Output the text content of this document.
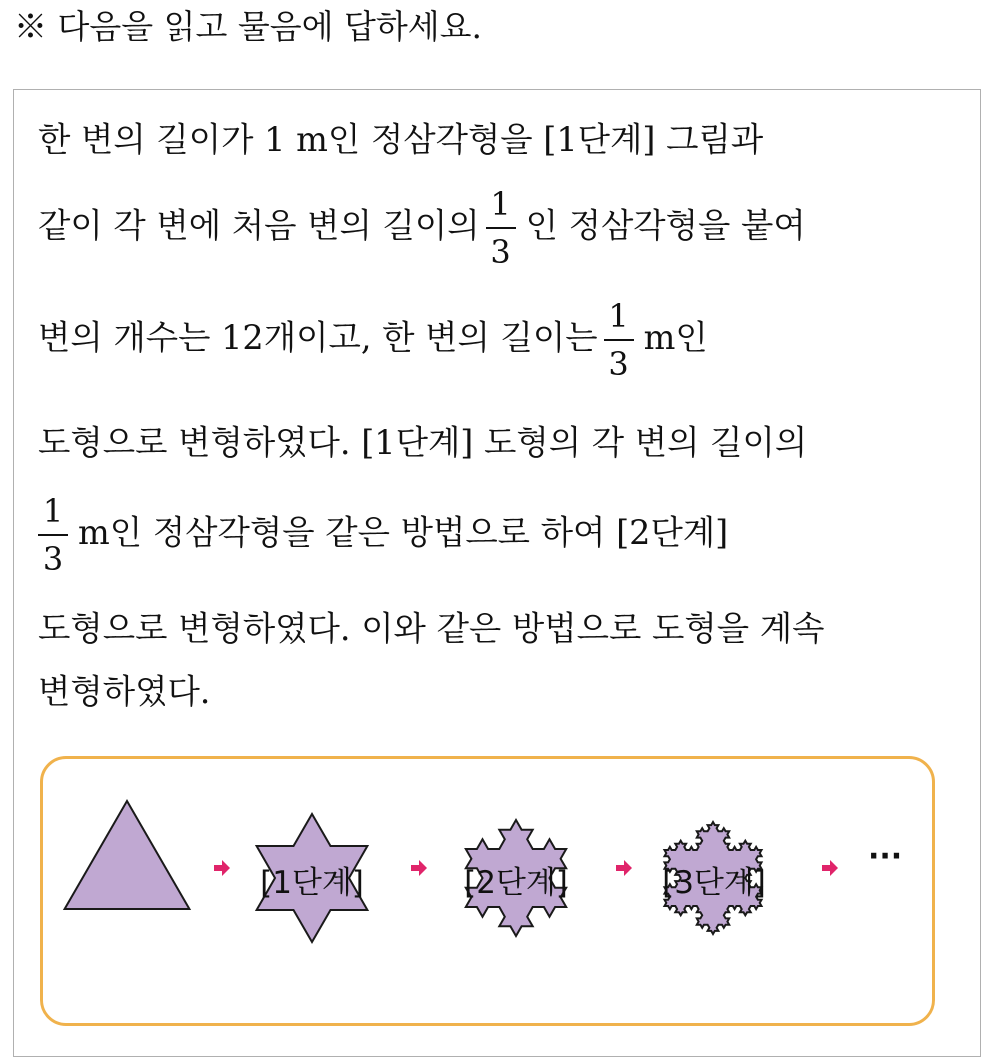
※ 다음을 읽고 물음에 답하세요.
한 변의 길이가 1 m인 정삼각형을 [1단계] 그림과
같이 각 변에 처음 변의 길이의 $\frac{1}{3}$ 인 정삼각형을 붙여
변의 개수는 12개이고, 한 변의 길이는 $\frac{1}{3}$ m인
도형으로 변형하였다. [1단계] 도형의 각 변의 길이의
$\frac{1}{3}$ m인 정삼각형을 같은 방법으로 하여 [2단계]
도형으로 변형하였다. 이와 같은 방법으로 도형을 계속
변형하였다.
[1단계]	[2단계]	[3단계]
···
